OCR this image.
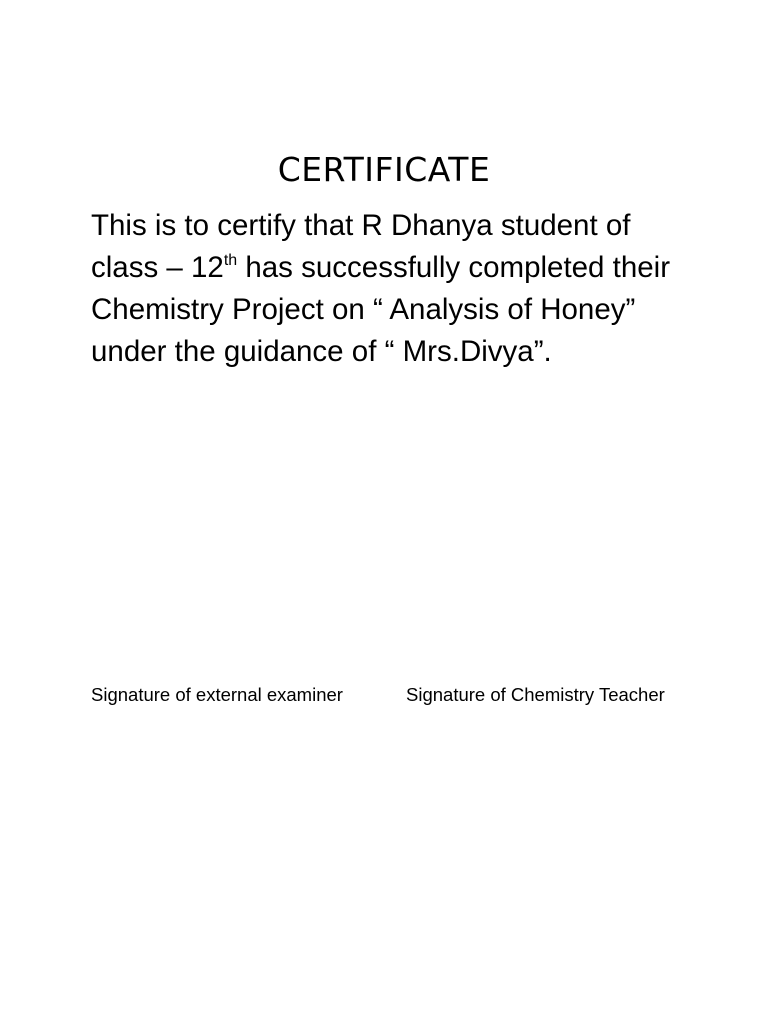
CERTIFICATE
This is to certify that R Dhanya student of class – 12th has successfully completed their Chemistry Project on “ Analysis of Honey” under the guidance of “ Mrs.Divya”.
Signature of external examiner	Signature of Chemistry Teacher
